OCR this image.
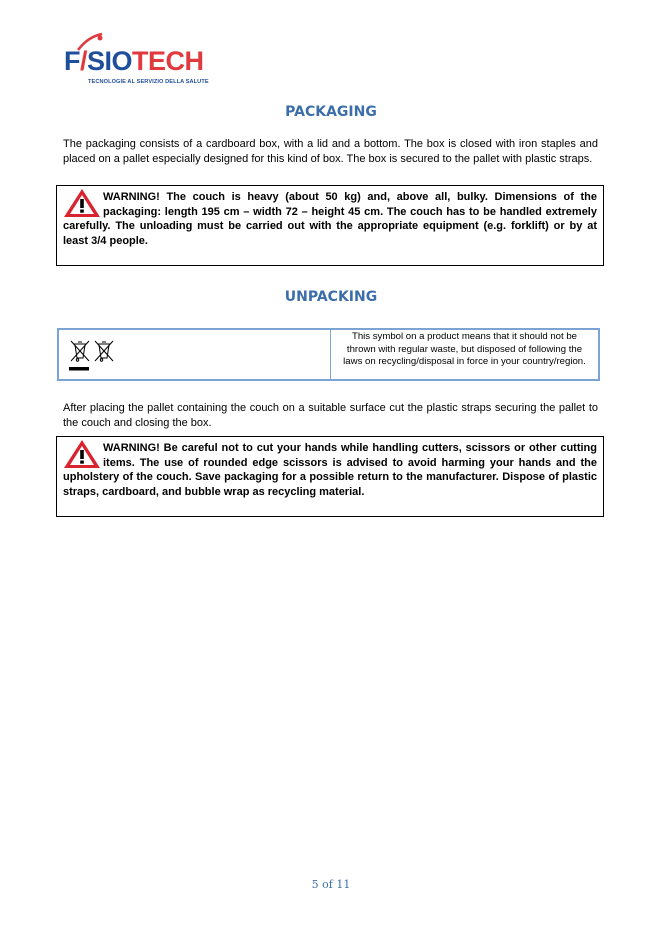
F/SIOTECH
TECNOLOGIE AL SERVIZIO DELLA SALUTE
PACKAGING
The packaging consists of a cardboard box, with a lid and a bottom. The box is closed with iron staples and placed on a pallet especially designed for this kind of box. The box is secured to the pallet with plastic straps.
WARNING! The couch is heavy (about 50 kg) and, above all, bulky. Dimensions of the packaging: length 195 cm – width 72 – height 45 cm. The couch has to be handled extremely carefully. The unloading must be carried out with the appropriate equipment (e.g. forklift) or by at least 3/4 people.
UNPACKING
This symbol on a product means that it should not be thrown with regular waste, but disposed of following the laws on recycling/disposal in force in your country/region.
After placing the pallet containing the couch on a suitable surface cut the plastic straps securing the pallet to the couch and closing the box.
WARNING! Be careful not to cut your hands while handling cutters, scissors or other cutting items. The use of rounded edge scissors is advised to avoid harming your hands and the upholstery of the couch. Save packaging for a possible return to the manufacturer. Dispose of plastic straps, cardboard, and bubble wrap as recycling material.
5 of 11
